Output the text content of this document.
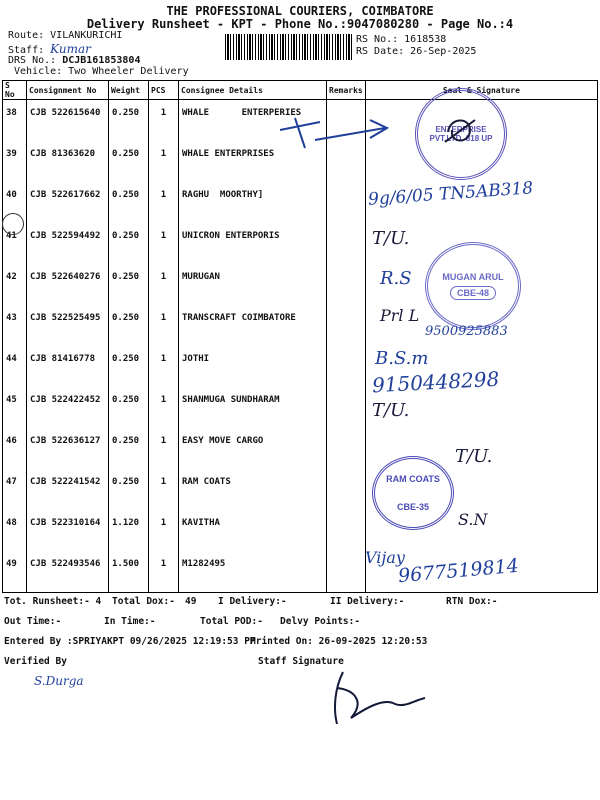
THE PROFESSIONAL COURIERS, COIMBATORE
Delivery Runsheet - KPT - Phone No.:9047080280 - Page No.:4
Route: VILANKURICHI
Staff: Kumar
DRS No.: DCJB161853804
Vehicle: Two Wheeler Delivery
RS No.: 1618538
RS Date: 26-Sep-2025
S No	Consignment No	Weight	PCS	Consignee Details	Remarks	Seal & Signature
38	CJB 522615640	0.250	1	WHALE      ENTERPERIES		
39	CJB 81363620	0.250	1	WHALE ENTERPRISES		
40	CJB 522617662	0.250	1	RAGHU  MOORTHY]		
41	CJB 522594492	0.250	1	UNICRON ENTERPORIS		
42	CJB 522640276	0.250	1	MURUGAN		
43	CJB 522525495	0.250	1	TRANSCRAFT COIMBATORE		
44	CJB 81416778	0.250	1	JOTHI		
45	CJB 522422452	0.250	1	SHANMUGA SUNDHARAM		
46	CJB 522636127	0.250	1	EASY MOVE CARGO		
47	CJB 522241542	0.250	1	RAM COATS		
48	CJB 522310164	1.120	1	KAVITHA		
49	CJB 522493546	1.500	1	M1282495		
ENTERPRISE PVT.LTD. 818 UP
9g/6/05 TN5AB318
T/U.
MUGAN ARUL
CBE-48
R.S
Prl L
9500925883
B.S.m
9150448298
T/U.
T/U.
RAM COATS
CBE-35
S.N
Vijay
9677519814
Tot. Runsheet:- 4 Total Dox:- 49 I Delivery:-	II Delivery:-	RTN Dox:-
Out Time:-	In Time:-	Total POD:- Delvy Points:-
Entered By :SPRIYAKPT 09/26/2025 12:19:53 PM
Printed On: 26-09-2025 12:20:53
Verified By
S.Durga
Staff Signature
